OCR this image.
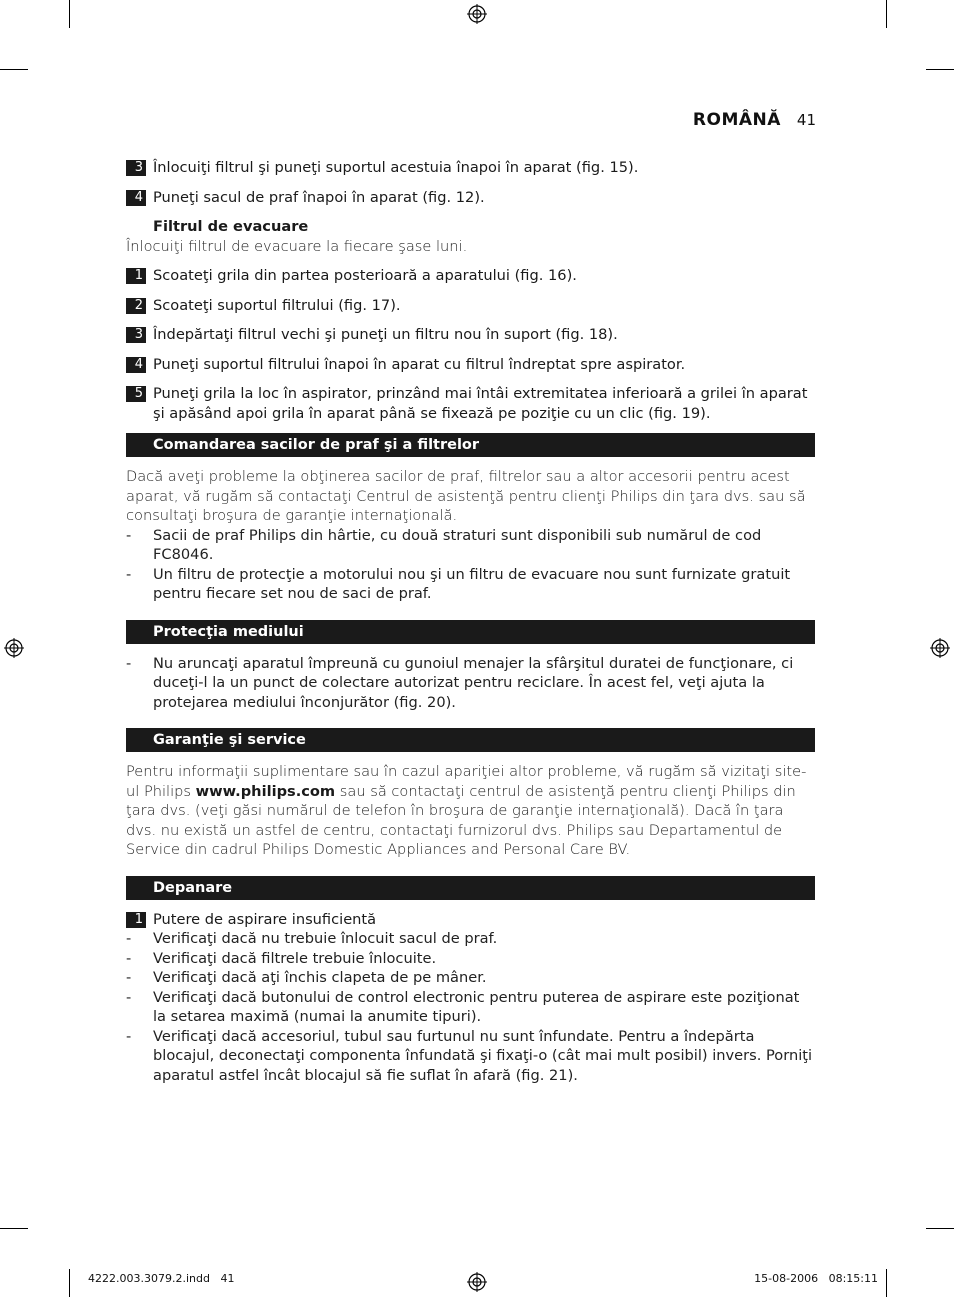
ROMÂNĂ 41
3 Înlocuiţi filtrul şi puneţi suportul acestuia înapoi în aparat (fig. 15).
4 Puneţi sacul de praf înapoi în aparat (fig. 12).
Filtrul de evacuare

Înlocuiţi filtrul de evacuare la fiecare şase luni.

1 Scoateţi grila din partea posterioară a aparatului (fig. 16).
2 Scoateţi suportul filtrului (fig. 17).
3 Îndepărtaţi filtrul vechi şi puneţi un filtru nou în suport (fig. 18).
4 Puneţi suportul filtrului înapoi în aparat cu filtrul îndreptat spre aspirator.
5 Puneţi grila la loc în aspirator, prinzând mai întâi extremitatea inferioară a grilei în aparat şi apăsând apoi grila în aparat până se fixează pe poziţie cu un clic (fig. 19).
Comandarea sacilor de praf şi a filtrelor

Dacă aveţi probleme la obţinerea sacilor de praf, filtrelor sau a altor accesorii pentru acest aparat, vă rugăm să contactaţi Centrul de asistenţă pentru clienţi Philips din ţara dvs. sau să consultaţi broşura de garanţie internaţională.

- Sacii de praf Philips din hârtie, cu două straturi sunt disponibili sub numărul de cod FC8046.
- Un filtru de protecţie a motorului nou şi un filtru de evacuare nou sunt furnizate gratuit pentru fiecare set nou de saci de praf.
Protecţia mediului
- Nu aruncaţi aparatul împreună cu gunoiul menajer la sfârşitul duratei de funcţionare, ci duceţi-l la un punct de colectare autorizat pentru reciclare. În acest fel, veţi ajuta la protejarea mediului înconjurător (fig. 20).
Garanţie şi service

Pentru informaţii suplimentare sau în cazul apariţiei altor probleme, vă rugăm să vizitaţi site-ul Philips www.philips.com sau să contactaţi centrul de asistenţă pentru clienţi Philips din ţara dvs. (veţi găsi numărul de telefon în broşura de garanţie internaţională). Dacă în ţara dvs. nu există un astfel de centru, contactaţi furnizorul dvs. Philips sau Departamentul de Service din cadrul Philips Domestic Appliances and Personal Care BV.

Depanare
1 Putere de aspirare insuficientă
- Verificaţi dacă nu trebuie înlocuit sacul de praf.
- Verificaţi dacă filtrele trebuie înlocuite.
- Verificaţi dacă aţi închis clapeta de pe mâner.
- Verificaţi dacă butonului de control electronic pentru puterea de aspirare este poziţionat la setarea maximă (numai la anumite tipuri).
- Verificaţi dacă accesoriul, tubul sau furtunul nu sunt înfundate. Pentru a îndepărta blocajul, deconectaţi componenta înfundată şi fixaţi-o (cât mai mult posibil) invers. Porniţi aparatul astfel încât blocajul să fie suflat în afară (fig. 21).
4222.003.3079.2.indd   41	15-08-2006   08:15:11
